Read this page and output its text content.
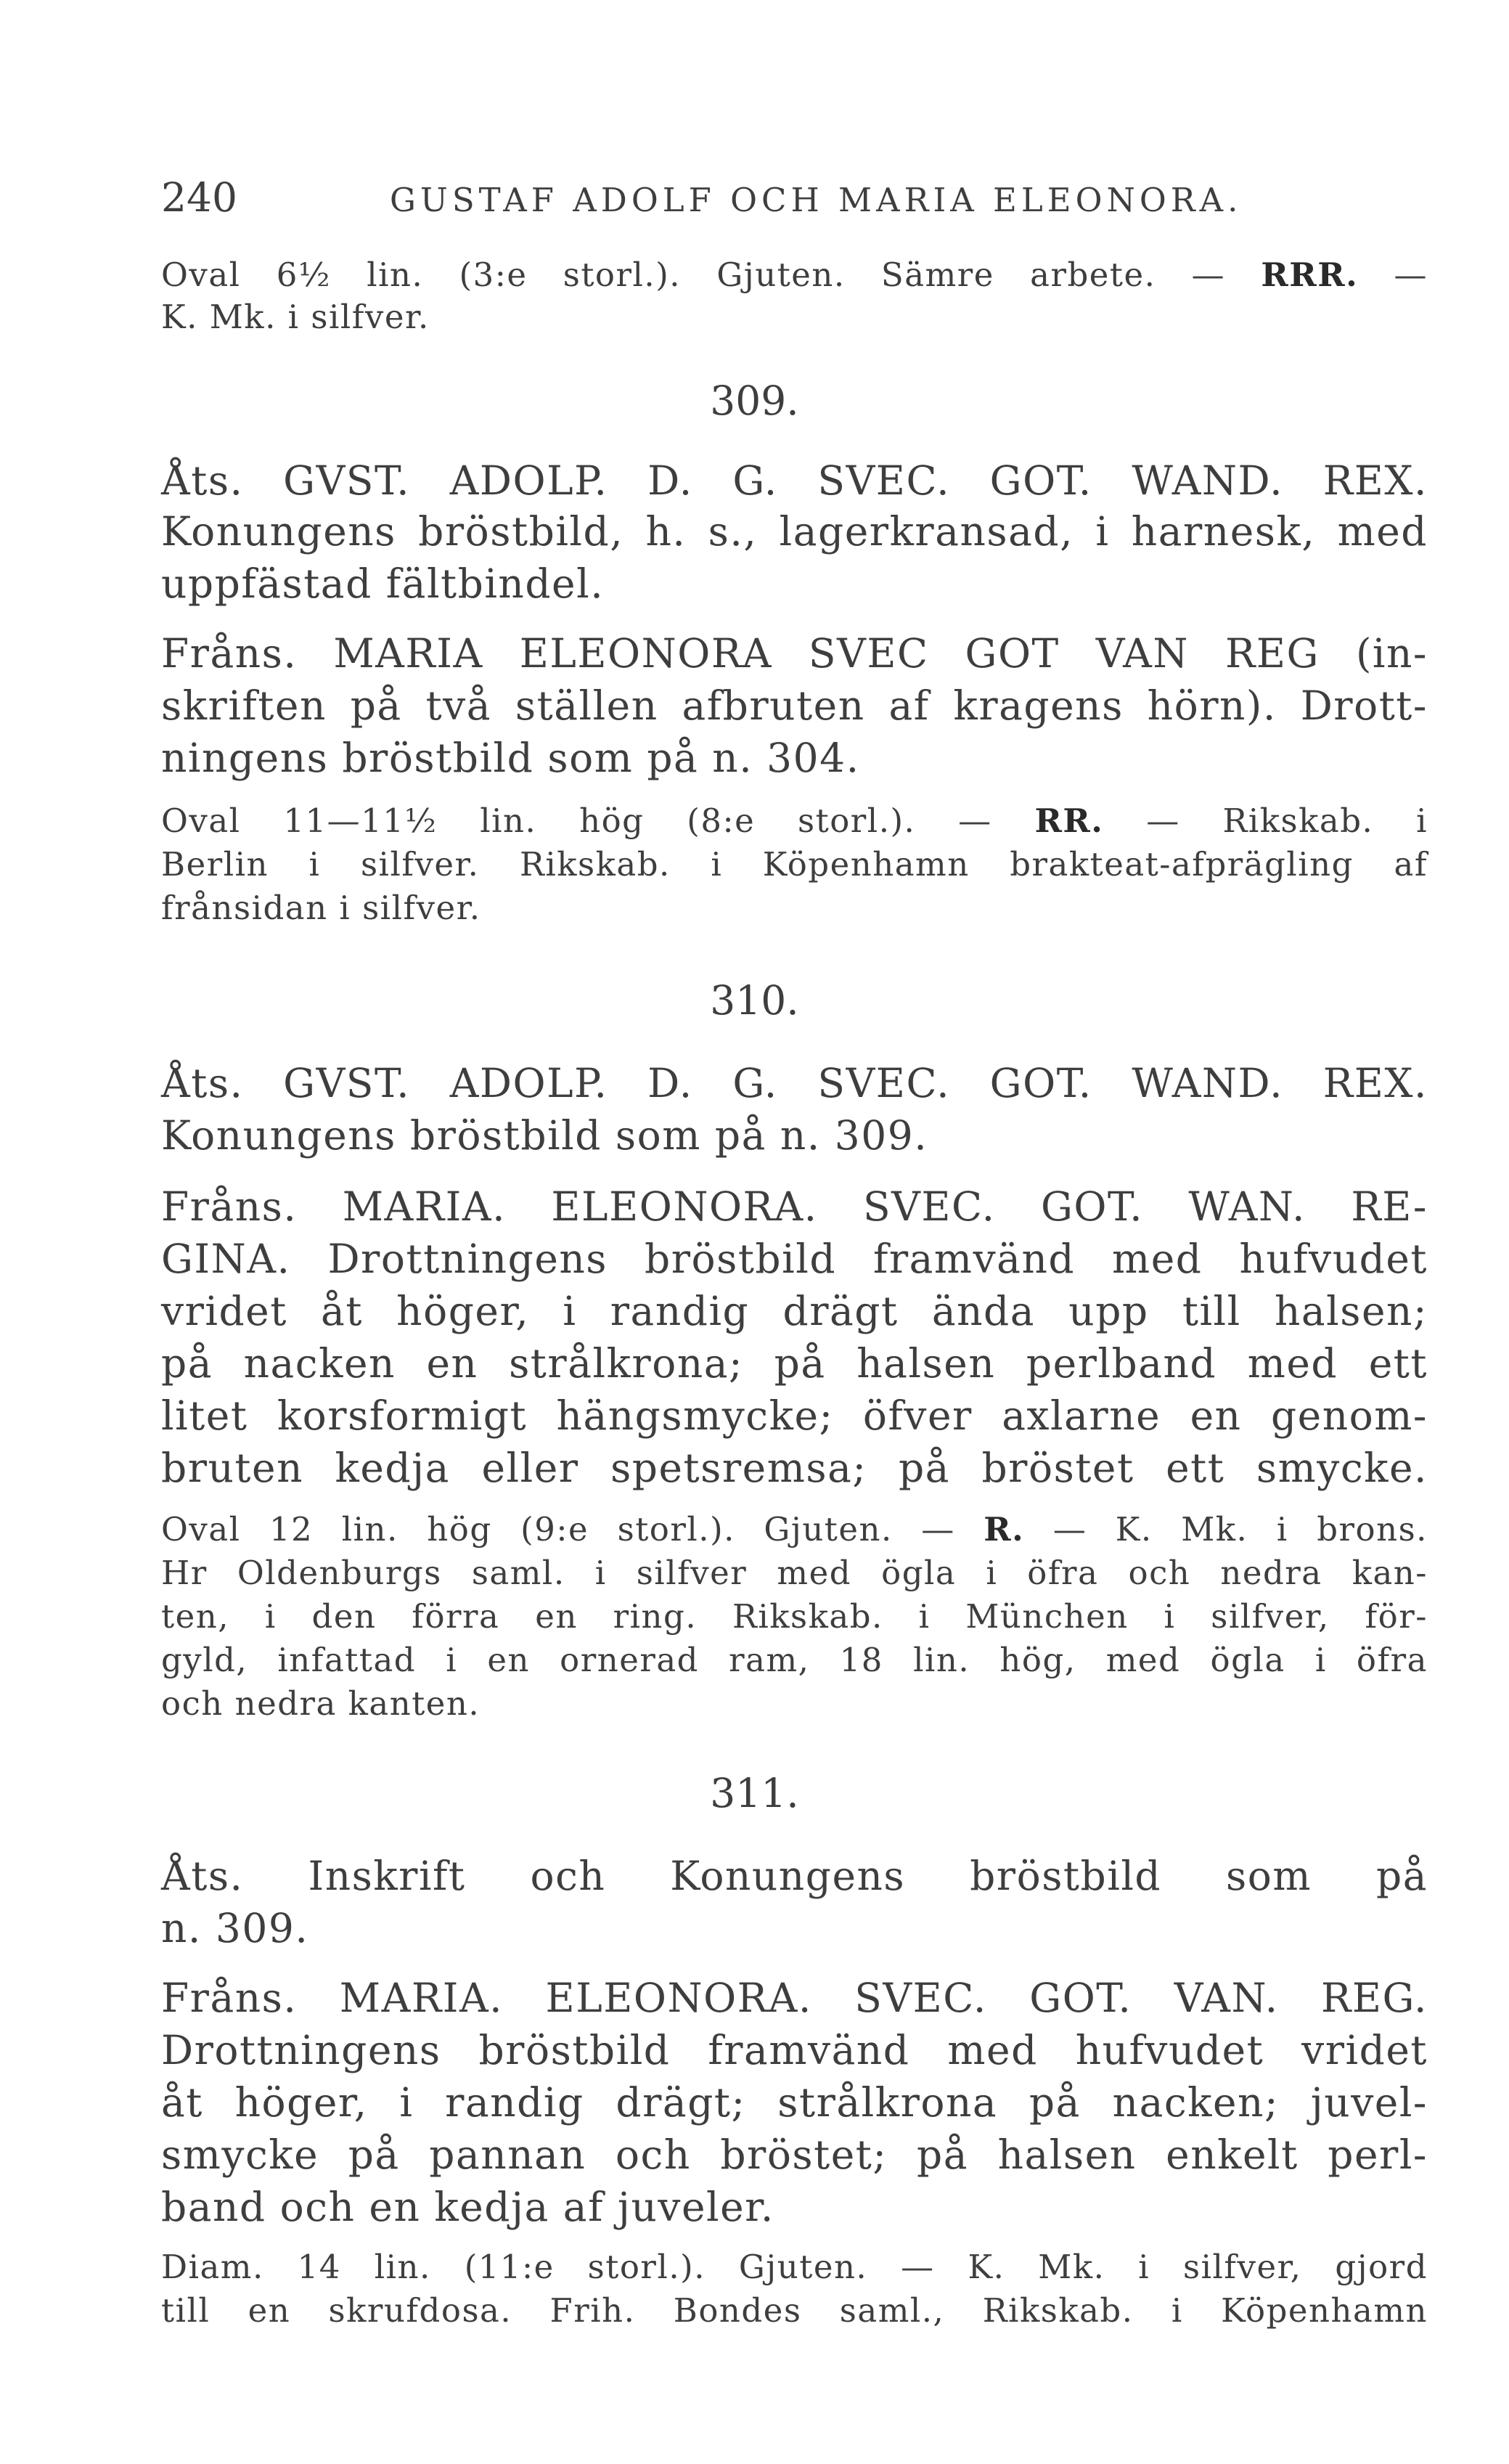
240	GUSTAF ADOLF OCH MARIA ELEONORA.
Oval 6½ lin. (3:e storl.). Gjuten. Sämre arbete. — RRR. —
K. Mk. i silfver.
309.
Åts. GVST. ADOLP. D. G. SVEC. GOT. WAND. REX.
Konungens bröstbild, h. s., lagerkransad, i harnesk, med
uppfästad fältbindel.
Fråns. MARIA ELEONORA SVEC GOT VAN REG (in-
skriften på två ställen afbruten af kragens hörn). Drott-
ningens bröstbild som på n. 304.
Oval 11—11½ lin. hög (8:e storl.). — RR. — Rikskab. i
Berlin i silfver. Rikskab. i Köpenhamn brakteat-afprägling af
frånsidan i silfver.
310.
Åts. GVST. ADOLP. D. G. SVEC. GOT. WAND. REX.
Konungens bröstbild som på n. 309.
Fråns. MARIA. ELEONORA. SVEC. GOT. WAN. RE-
GINA. Drottningens bröstbild framvänd med hufvudet
vridet åt höger, i randig drägt ända upp till halsen;
på nacken en strålkrona; på halsen perlband med ett
litet korsformigt hängsmycke; öfver axlarne en genom-
bruten kedja eller spetsremsa; på bröstet ett smycke.
Oval 12 lin. hög (9:e storl.). Gjuten. — R. — K. Mk. i brons.
Hr Oldenburgs saml. i silfver med ögla i öfra och nedra kan-
ten, i den förra en ring. Rikskab. i München i silfver, för-
gyld, infattad i en ornerad ram, 18 lin. hög, med ögla i öfra
och nedra kanten.
311.
Åts. Inskrift och Konungens bröstbild som på
n. 309.
Fråns. MARIA. ELEONORA. SVEC. GOT. VAN. REG.
Drottningens bröstbild framvänd med hufvudet vridet
åt höger, i randig drägt; strålkrona på nacken; juvel-
smycke på pannan och bröstet; på halsen enkelt perl-
band och en kedja af juveler.
Diam. 14 lin. (11:e storl.). Gjuten. — K. Mk. i silfver, gjord
till en skrufdosa. Frih. Bondes saml., Rikskab. i Köpenhamn
